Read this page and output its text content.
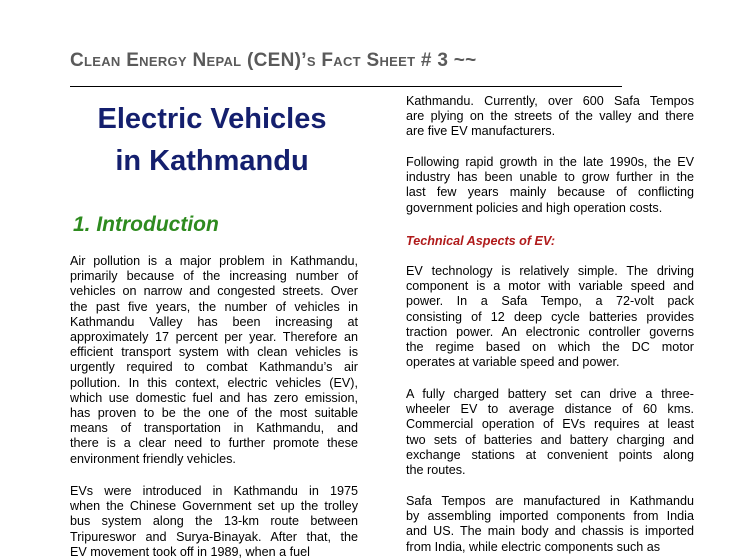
Clean Energy Nepal (CEN)’s Fact Sheet # 3 ~~
Electric Vehicles
in Kathmandu
1. Introduction
Air pollution is a major problem in Kathmandu,
primarily because of the increasing number of
vehicles on narrow and congested streets. Over
the past five years, the number of vehicles in
Kathmandu Valley has been increasing at
approximately 17 percent per year. Therefore an
efficient transport system with clean vehicles is
urgently required to combat Kathmandu’s air
pollution. In this context, electric vehicles (EV),
which use domestic fuel and has zero emission,
has proven to be the one of the most suitable
means of transportation in Kathmandu, and
there is a clear need to further promote these
environment friendly vehicles.
EVs were introduced in Kathmandu in 1975
when the Chinese Government set up the trolley
bus system along the 13-km route between
Tripureswor and Surya-Binayak. After that, the
EV movement took off in 1989, when a fuel
Kathmandu. Currently, over 600 Safa Tempos
are plying on the streets of the valley and there
are five EV manufacturers.
Following rapid growth in the late 1990s, the EV
industry has been unable to grow further in the
last few years mainly because of conflicting
government policies and high operation costs.
Technical Aspects of EV:
EV technology is relatively simple. The driving
component is a motor with variable speed and
power. In a Safa Tempo, a 72-volt pack
consisting of 12 deep cycle batteries provides
traction power. An electronic controller governs
the regime based on which the DC motor
operates at variable speed and power.
A fully charged battery set can drive a three-
wheeler EV to average distance of 60 kms.
Commercial operation of EVs requires at least
two sets of batteries and battery charging and
exchange stations at convenient points along
the routes.
Safa Tempos are manufactured in Kathmandu
by assembling imported components from India
and US. The main body and chassis is imported
from India, while electric components such as
